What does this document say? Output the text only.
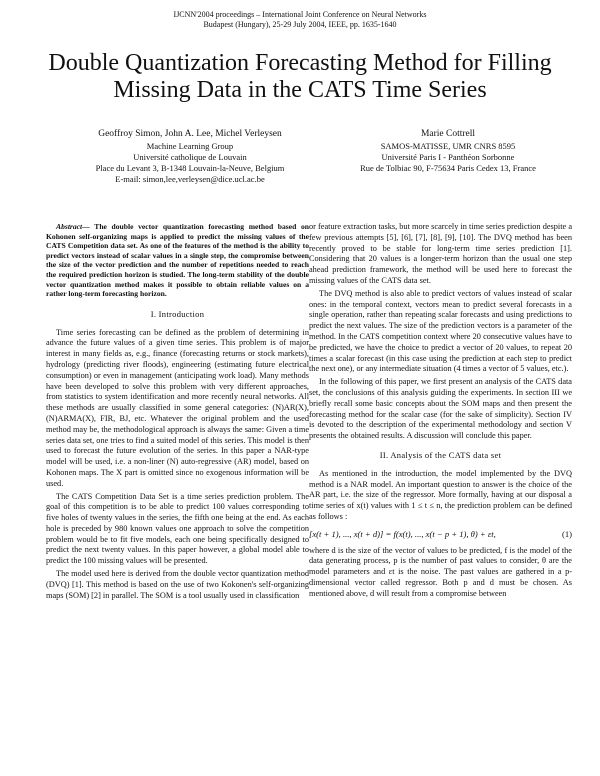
IJCNN'2004 proceedings – International Joint Conference on Neural Networks
Budapest (Hungary), 25-29 July 2004, IEEE, pp. 1635-1640
Double Quantization Forecasting Method for Filling
Missing Data in the CATS Time Series
Geoffroy Simon, John A. Lee, Michel Verleysen
Machine Learning Group
Université catholique de Louvain
Place du Levant 3, B-1348 Louvain-la-Neuve, Belgium
E-mail: simon,lee,verleysen@dice.ucl.ac.be
Marie Cottrell
SAMOS-MATISSE, UMR CNRS 8595
Université Paris I - Panthéon Sorbonne
Rue de Tolbiac 90, F-75634 Paris Cedex 13, France
Abstract— The double vector quantization forecasting method based on Kohonen self-organizing maps is applied to predict the missing values of the CATS Competition data set. As one of the features of the method is the ability to predict vectors instead of scalar values in a single step, the compromise between the size of the vector prediction and the number of repetitions needed to reach the required prediction horizon is studied. The long-term stability of the double vector quantization method makes it possible to obtain reliable values on a rather long-term forecasting horizon.
I. Introduction

Time series forecasting can be defined as the problem of determining in advance the future values of a given time series. This problem is of major interest in many fields as, e.g., finance (forecasting returns or stock markets), hydrology (predicting river floods), engineering (estimating future electrical consumption) or even in management (anticipating work load). Many methods have been developed to solve this problem with very different approaches, from statistics to system identification and more recently neural networks. All these methods are usually classified in some general categories: (N)AR(X), (N)ARMA(X), FIR, BJ, etc. Whatever the original problem and the used method may be, the methodological approach is always the same: Given a time series data set, one tries to find a suited model of this series. This model is then used to forecast the future evolution of the series. In this paper a NAR-type model will be used, i.e. a non-liner (N) auto-regressive (AR) model, based on Kohonen maps. The X part is omitted since no exogenous information will be used.

The CATS Competition Data Set is a time series prediction problem. The goal of this competition is to be able to predict 100 values corresponding to five holes of twenty values in the series, the fifth one being at the end. As each hole is preceded by 980 known values one approach to solve the competition problem would be to fit five models, each one being specifically designed to predict the next twenty values. In this paper however, a global model able to predict the 100 missing values will be presented.

The model used here is derived from the double vector quantization method (DVQ) [1]. This method is based on the use of two Kokonen's self-organizing maps (SOM) [2] in parallel. The SOM is a tool usually used in classification

or feature extraction tasks, but more scarcely in time series prediction despite a few previous attempts [5], [6], [7], [8], [9], [10]. The DVQ method has been recently proved to be stable for long-term time series prediction [1]. Considering that 20 values is a longer-term horizon than the usual one step ahead prediction framework, the method will be used here to forecast the missing values of the CATS data set.

The DVQ method is also able to predict vectors of values instead of scalar ones: in the temporal context, vectors mean to predict several forecasts in a single operation, rather than repeating scalar forecasts and using predictions to predict the next values. The size of the prediction vectors is a parameter of the method. In the CATS competition context where 20 consecutive values have to be predicted, we have the choice to predict a vector of 20 values, to repeat 20 times a scalar forecast (in this case using the prediction at each step to predict the next one), or any intermediate situation (4 times a vector of 5 values, etc.).

In the following of this paper, we first present an analysis of the CATS data set, the conclusions of this analysis guiding the experiments. In section III we briefly recall some basic concepts about the SOM maps and then present the forecasting method for the scalar case (for the sake of simplicity). Section IV is devoted to the description of the experimental methodology and section V presents the obtained results. A discussion will conclude this paper.

II. Analysis of the CATS data set

As mentioned in the introduction, the model implemented by the DVQ method is a NAR model. An important question to answer is the choice of the AR part, i.e. the size of the regressor. More formally, having at our disposal a time series of x(t) values with 1 ≤ t ≤ n, the prediction problem can be defined as follows :

[x(t + 1), ..., x(t + d)] = f(x(t), ..., x(t − p + 1), θ) + εt,	(1)

where d is the size of the vector of values to be predicted, f is the model of the data generating process, p is the number of past values to consider, θ are the model parameters and εt is the noise. The past values are gathered in a p-dimensional vector called regressor. Both p and d must be chosen. As mentioned above, d will result from a compromise between
